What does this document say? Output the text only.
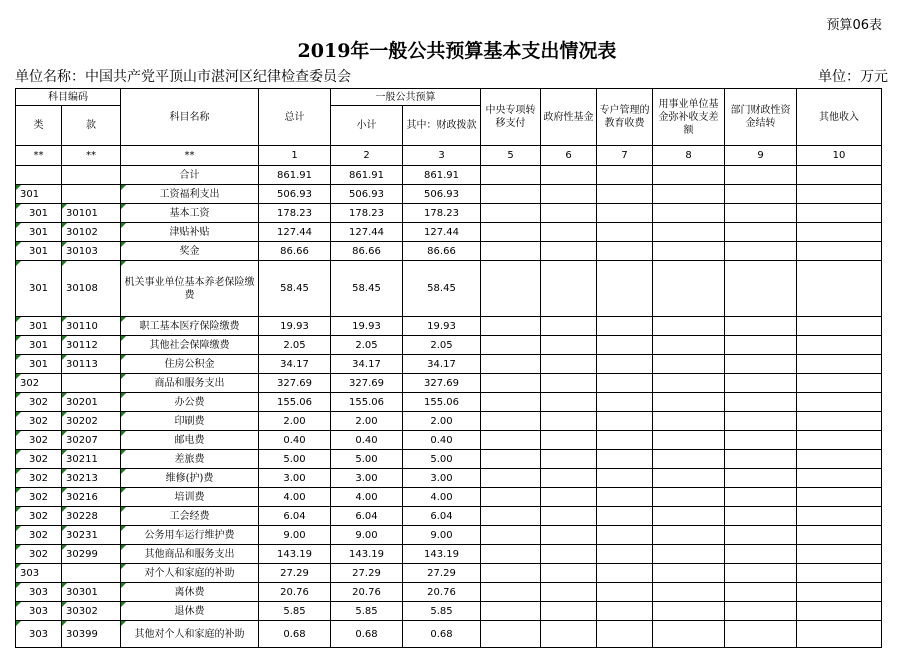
预算06表
2019年一般公共预算基本支出情况表
单位名称：中国共产党平顶山市湛河区纪律检查委员会	单位：万元
科目编码		科目名称	总计	一般公共预算		中央专项转移支付	政府性基金	专户管理的教育收费	用事业单位基金弥补收支差额	部门财政性资金结转	其他收入
类	款			小计	其中：财政拨款						
**	**	**	1	2	3	5	6	7	8	9	10
		合计	861.91	861.91	861.91						
301		工资福利支出	506.93	506.93	506.93						
301	30101	基本工资	178.23	178.23	178.23						
301	30102	津贴补贴	127.44	127.44	127.44						
301	30103	奖金	86.66	86.66	86.66						
301	30108	机关事业单位基本养老保险缴费	58.45	58.45	58.45						
301	30110	职工基本医疗保险缴费	19.93	19.93	19.93						
301	30112	其他社会保障缴费	2.05	2.05	2.05						
301	30113	住房公积金	34.17	34.17	34.17						
302		商品和服务支出	327.69	327.69	327.69						
302	30201	办公费	155.06	155.06	155.06						
302	30202	印刷费	2.00	2.00	2.00						
302	30207	邮电费	0.40	0.40	0.40						
302	30211	差旅费	5.00	5.00	5.00						
302	30213	维修(护)费	3.00	3.00	3.00						
302	30216	培训费	4.00	4.00	4.00						
302	30228	工会经费	6.04	6.04	6.04						
302	30231	公务用车运行维护费	9.00	9.00	9.00						
302	30299	其他商品和服务支出	143.19	143.19	143.19						
303		对个人和家庭的补助	27.29	27.29	27.29						
303	30301	离休费	20.76	20.76	20.76						
303	30302	退休费	5.85	5.85	5.85						
303	30399	其他对个人和家庭的补助	0.68	0.68	0.68						
